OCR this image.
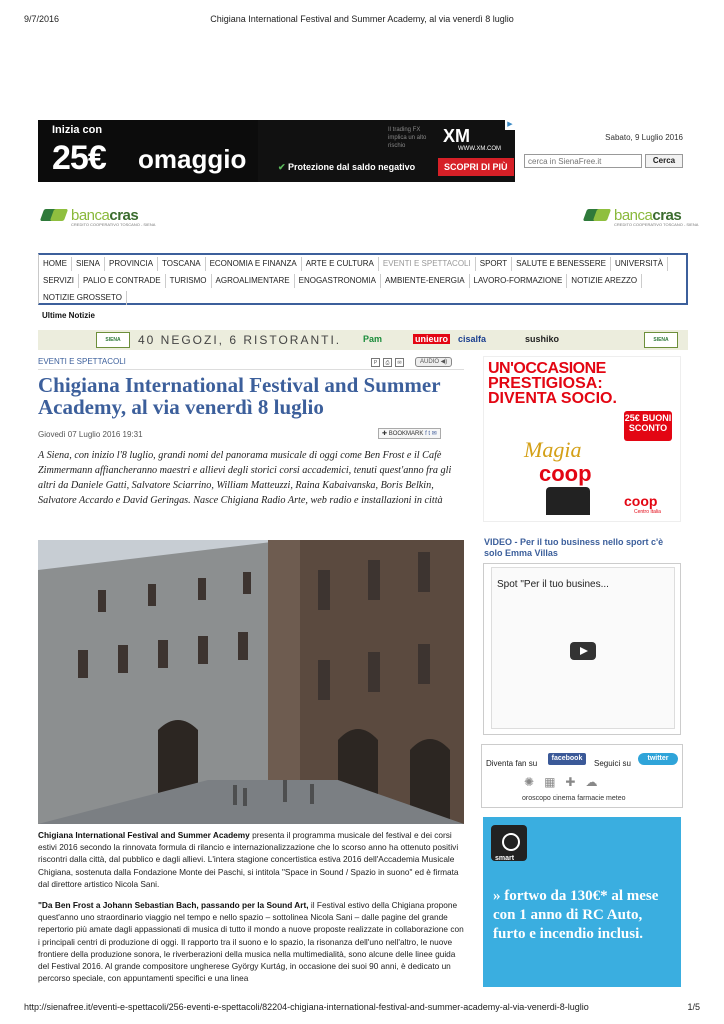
9/7/2016	Chigiana International Festival and Summer Academy, al via venerdì 8 luglio
Inizia con
25€ omaggio
Il trading FX implica un alto rischio	XM
WWW.XM.COM
✔ Protezione dal saldo negativo	SCOPRI DI PIÙ
▶
Sabato, 9 Luglio 2016
cerca in SienaFree.it
Cerca
bancacras
CREDITO COOPERATIVO TOSCANO - SIENA
bancacras
CREDITO COOPERATIVO TOSCANO - SIENA
HOME	SIENA	PROVINCIA	TOSCANA	ECONOMIA E FINANZA	ARTE E CULTURA	EVENTI E SPETTACOLI	SPORT	SALUTE E BENESSERE	UNIVERSITÀ
SERVIZI	PALIO E CONTRADE	TURISMO	AGROALIMENTARE	ENOGASTRONOMIA	AMBIENTE-ENERGIA	LAVORO-FORMAZIONE	NOTIZIE AREZZO
NOTIZIE GROSSETO
Ultime Notizie
SIENA	40 NEGOZI, 6 RISTORANTI. Pam	unieuro cisalfa	sushiko	SIENA
EVENTI E SPETTACOLI	P	⎙	✉	AUDIO ◀)
Chigiana International Festival and Summer Academy, al via venerdì 8 luglio
Giovedì 07 Luglio 2016 19:31	✚ BOOKMARK f t ✉
A Siena, con inizio l'8 luglio, grandi nomi del panorama musicale di oggi come Ben Frost e il Cafè Zimmermann affiancheranno maestri e allievi degli storici corsi accademici, tenuti quest'anno fra gli altri da Daniele Gatti, Salvatore Sciarrino, William Matteuzzi, Raina Kabaivanska, Boris Belkin, Salvatore Accardo e David Geringas. Nasce Chigiana Radio Arte, web radio e installazioni in città
Chigiana International Festival and Summer Academy presenta il programma musicale del festival e dei corsi estivi 2016 secondo la rinnovata formula di rilancio e internazionalizzazione che lo scorso anno ha ottenuto positivi riscontri dalla città, dal pubblico e dagli allievi. L'intera stagione concertistica estiva 2016 dell'Accademia Musicale Chigiana, sostenuta dalla Fondazione Monte dei Paschi, si intitola "Space in Sound / Spazio in suono" ed è firmata dal direttore artistico Nicola Sani.
"Da Ben Frost a Johann Sebastian Bach, passando per la Sound Art, il Festival estivo della Chigiana propone quest'anno uno straordinario viaggio nel tempo e nello spazio – sottolinea Nicola Sani – dalle pagine del grande repertorio più amate dagli appassionati di musica di tutto il mondo a nuove proposte realizzate in collaborazione con i principali centri di produzione di oggi. Il rapporto tra il suono e lo spazio, la risonanza dell'uno nell'altro, le nuove frontiere della produzione sonora, le riverberazioni della musica nella multimedialità, sono alcune delle linee guida del Festival 2016. Al grande compositore ungherese György Kurtág, in occasione dei suoi 90 anni, è dedicato un percorso speciale, con appuntamenti specifici e una linea
UN'OCCASIONE
PRESTIGIOSA:
DIVENTA SOCIO.
25€ BUONI SCONTO
Magia
coop
coop
Centro Italia
VIDEO - Per il tuo business nello sport c'è solo Emma Villas
Spot "Per il tuo busines...
Diventa fan su
facebook
Seguici su
twitter
✺ ▦ ✚ ☁
oroscopo cinema farmacie meteo
smart
» fortwo da 130€* al mese con 1 anno di RC Auto, furto e incendio inclusi.
http://sienafree.it/eventi-e-spettacoli/256-eventi-e-spettacoli/82204-chigiana-international-festival-and-summer-academy-al-via-venerdi-8-luglio	1/5
